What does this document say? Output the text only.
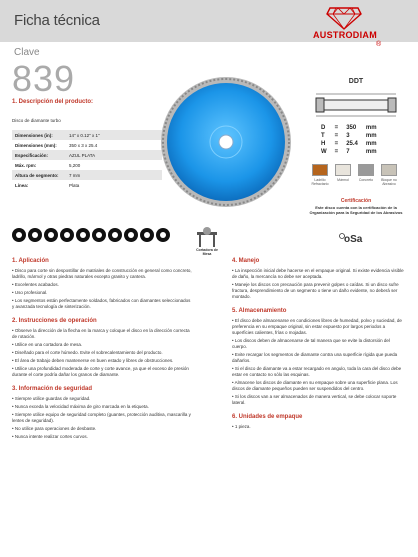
Ficha técnica
AUSTRODIAM
®
Clave
839
1. Descripción del producto:
Disco de diamante turbo
Dimensiones (in):	14" x 0.12" x 1"
Dimensiones (mm):	350 x 3 x 25.4
Especificación:	AZUL PLATA
Máx. rpm:	5,200
Altura de segmento:	7 mm
Línea:	Plata
DDT
D	=	350	mm
T	=	3	mm
H	=	25.4	mm
W	=	7	mm
Ladrillo Refractario
Mármol	Concreto	Bloque no Abrasivo
Certificación
Este disco cuenta con la certificación de la Organización para la Seguridad de los Abrasivos
oSa
Cortadora de Mesa
1. Aplicación

• Disco para corte sin despostillar de matriales de construcción en general como concreto, ladrillo, mármol y otras piedras naturales excepto granito y cantera.

• Excelentes acabados.

• Uso profesional.

• Los segmentos están perfectamente soldados, fabricados con diamantes seleccionados y avanzada tecnología de sinterización.

2. Instrucciones de operación

• Observe la dirección de la flecha en la marca y coloque el disco en la dirección correcta de rotación.

• Utilice en una cortadora de mesa.

• Diseñado para el corte húmedo. Evite el sobrecalentamiento del producto.

• El área de trabajo deben mantenerse en buen estado y libres de obstrucciones.

• Utilice una profundidad moderada de corte y corte avance, ya que el exceso de presión durante el corte podría dañar los granos de diamante.

3. Información de seguridad

• Siempre utilice guardas de seguridad.

• Nunca exceda la velocidad máxima de giro marcada en la etiqueta.

• Siempre utilice equipo de seguridad completo (guantes, protección auditiva, mascarilla y lentes de seguridad).

• No utilice para operaciones de desbaste.

• Nunca intente realizar cortes curvos.

4. Manejo

• La inspección inicial debe hacerse en el empaque original. Si existe evidencia visible de daño, la mercancía no debe ser aceptada.

• Maneje los discos con precaución para prevenir golpes o caídas. Si un disco sufre fractura, desprendimiento de un segmento o tiene un daño evidente, no deberá ser montado.

5. Almacenamiento

• El disco debe almacenarse en condiciones libres de humedad, polvo y suciedad, de preferencia en su empaque original, sin estar expuesto por largos periodos a superficies calientes, frías o mojadas.

• Los discos deben de almacenarse de tal manera que se evite la distorsión del cuerpo.

• Evite recargar los segmentos de diamante contra una superficie rígida que pueda dañarlos.

• Si el disco de diamante va a estar recargado en angulo, toda la cara del disco debe estar en contacto no sólo las esquinas.

• Almacene los discos de diamante en su empaque sobre una superficie plana. Los discos de diamante pequeños pueden ser suspendidos del centro.

• Si los discos van a ser almacenados de manera vertical, se debe colocar soporte lateral.

6. Unidades de empaque

• 1 pieza.
